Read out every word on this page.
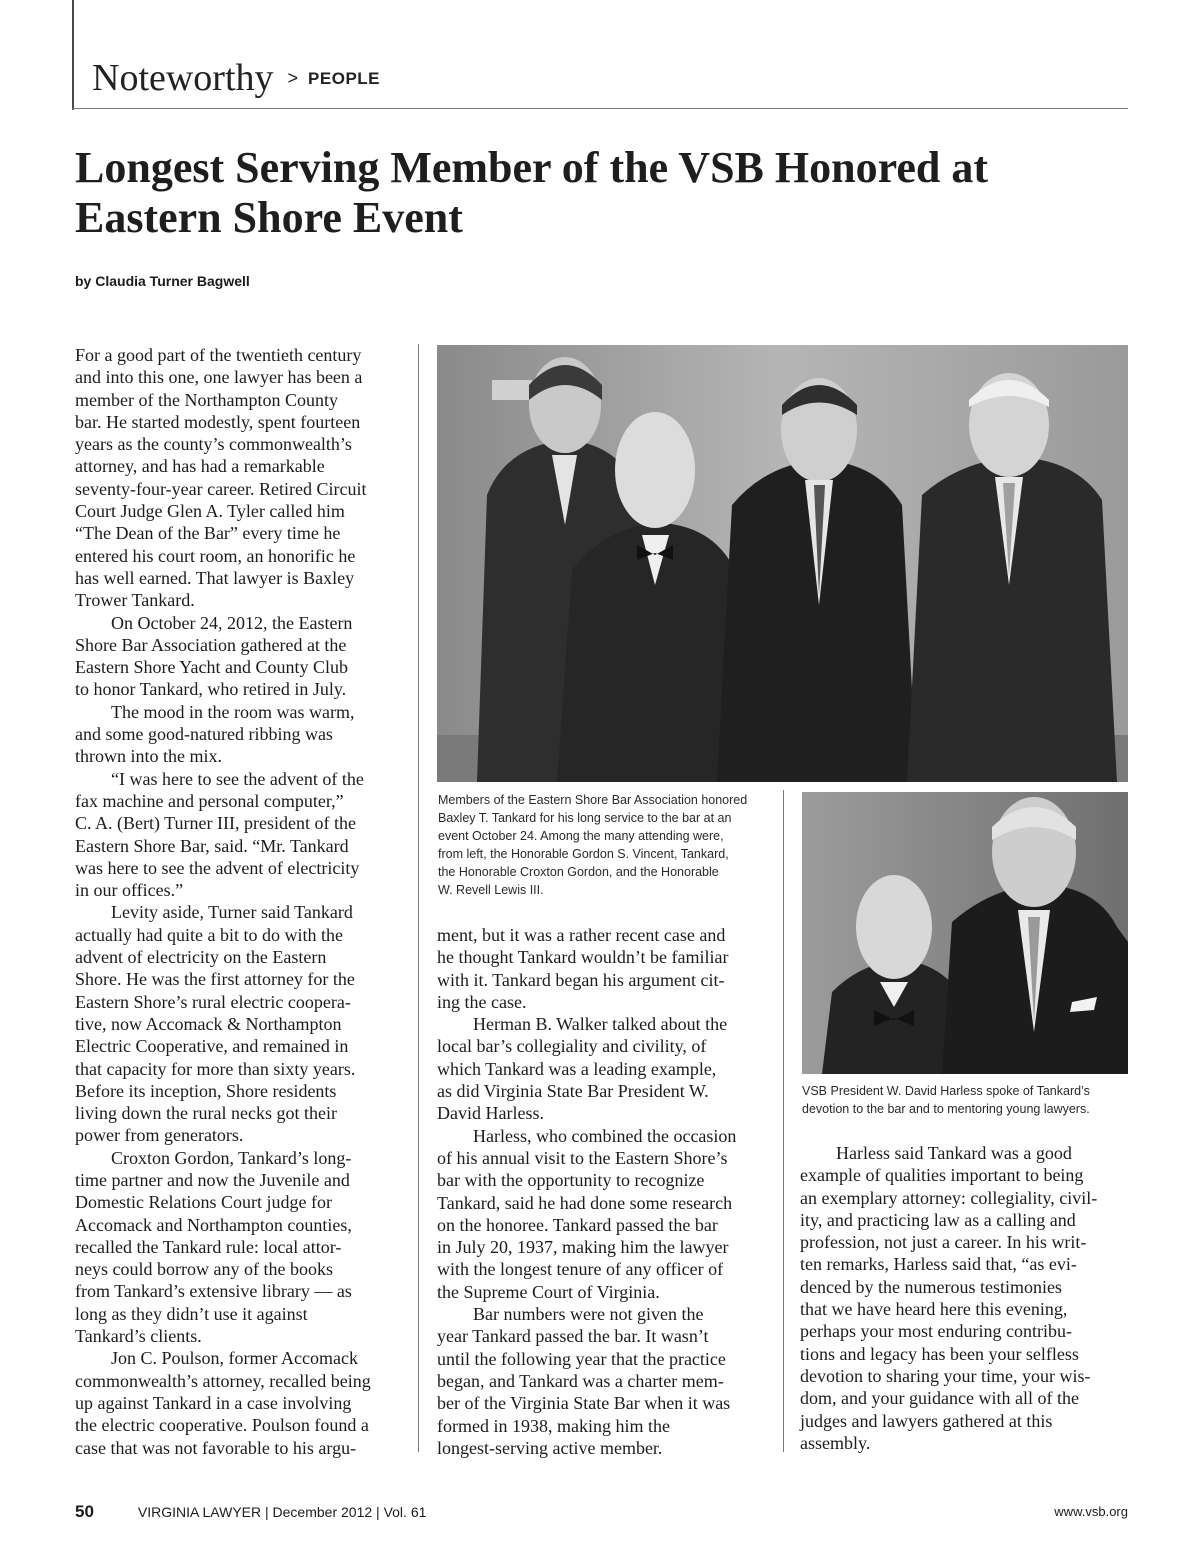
Noteworthy > PEOPLE
Longest Serving Member of the VSB Honored at
Eastern Shore Event
by Claudia Turner Bagwell

For a good part of the twentieth century

and into this one, one lawyer has been a

member of the Northampton County

bar. He started modestly, spent fourteen

years as the county’s commonwealth’s

attorney, and has had a remarkable

seventy-four-year career. Retired Circuit

Court Judge Glen A. Tyler called him

“The Dean of the Bar” every time he

entered his court room, an honorific he

has well earned. That lawyer is Baxley

Trower Tankard.

On October 24, 2012, the Eastern

Shore Bar Association gathered at the

Eastern Shore Yacht and County Club

to honor Tankard, who retired in July.

The mood in the room was warm,

and some good-natured ribbing was

thrown into the mix.

“I was here to see the advent of the

fax machine and personal computer,”

C. A. (Bert) Turner III, president of the

Eastern Shore Bar, said. “Mr. Tankard

was here to see the advent of electricity

in our offices.”

Levity aside, Turner said Tankard

actually had quite a bit to do with the

advent of electricity on the Eastern

Shore. He was the first attorney for the

Eastern Shore’s rural electric coopera-

tive, now Accomack & Northampton

Electric Cooperative, and remained in

that capacity for more than sixty years.

Before its inception, Shore residents

living down the rural necks got their

power from generators.

Croxton Gordon, Tankard’s long-

time partner and now the Juvenile and

Domestic Relations Court judge for

Accomack and Northampton counties,

recalled the Tankard rule: local attor-

neys could borrow any of the books

from Tankard’s extensive library — as

long as they didn’t use it against

Tankard’s clients.

Jon C. Poulson, former Accomack

commonwealth’s attorney, recalled being

up against Tankard in a case involving

the electric cooperative. Poulson found a

case that was not favorable to his argu-

Members of the Eastern Shore Bar Association honored

Baxley T. Tankard for his long service to the bar at an

event October 24. Among the many attending were,

from left, the Honorable Gordon S. Vincent, Tankard,

the Honorable Croxton Gordon, and the Honorable

W. Revell Lewis III.

ment, but it was a rather recent case and

he thought Tankard wouldn’t be familiar

with it. Tankard began his argument cit-

ing the case.

Herman B. Walker talked about the

local bar’s collegiality and civility, of

which Tankard was a leading example,

as did Virginia State Bar President W.

David Harless.

Harless, who combined the occasion

of his annual visit to the Eastern Shore’s

bar with the opportunity to recognize

Tankard, said he had done some research

on the honoree. Tankard passed the bar

in July 20, 1937, making him the lawyer

with the longest tenure of any officer of

the Supreme Court of Virginia.

Bar numbers were not given the

year Tankard passed the bar. It wasn’t

until the following year that the practice

began, and Tankard was a charter mem-

ber of the Virginia State Bar when it was

formed in 1938, making him the

longest-serving active member.

VSB President W. David Harless spoke of Tankard’s

devotion to the bar and to mentoring young lawyers.

Harless said Tankard was a good

example of qualities important to being

an exemplary attorney: collegiality, civil-

ity, and practicing law as a calling and

profession, not just a career. In his writ-

ten remarks, Harless said that, “as evi-

denced by the numerous testimonies

that we have heard here this evening,

perhaps your most enduring contribu-

tions and legacy has been your selfless

devotion to sharing your time, your wis-

dom, and your guidance with all of the

judges and lawyers gathered at this

assembly.

50	VIRGINIA LAWYER | December 2012 | Vol. 61	www.vsb.org
